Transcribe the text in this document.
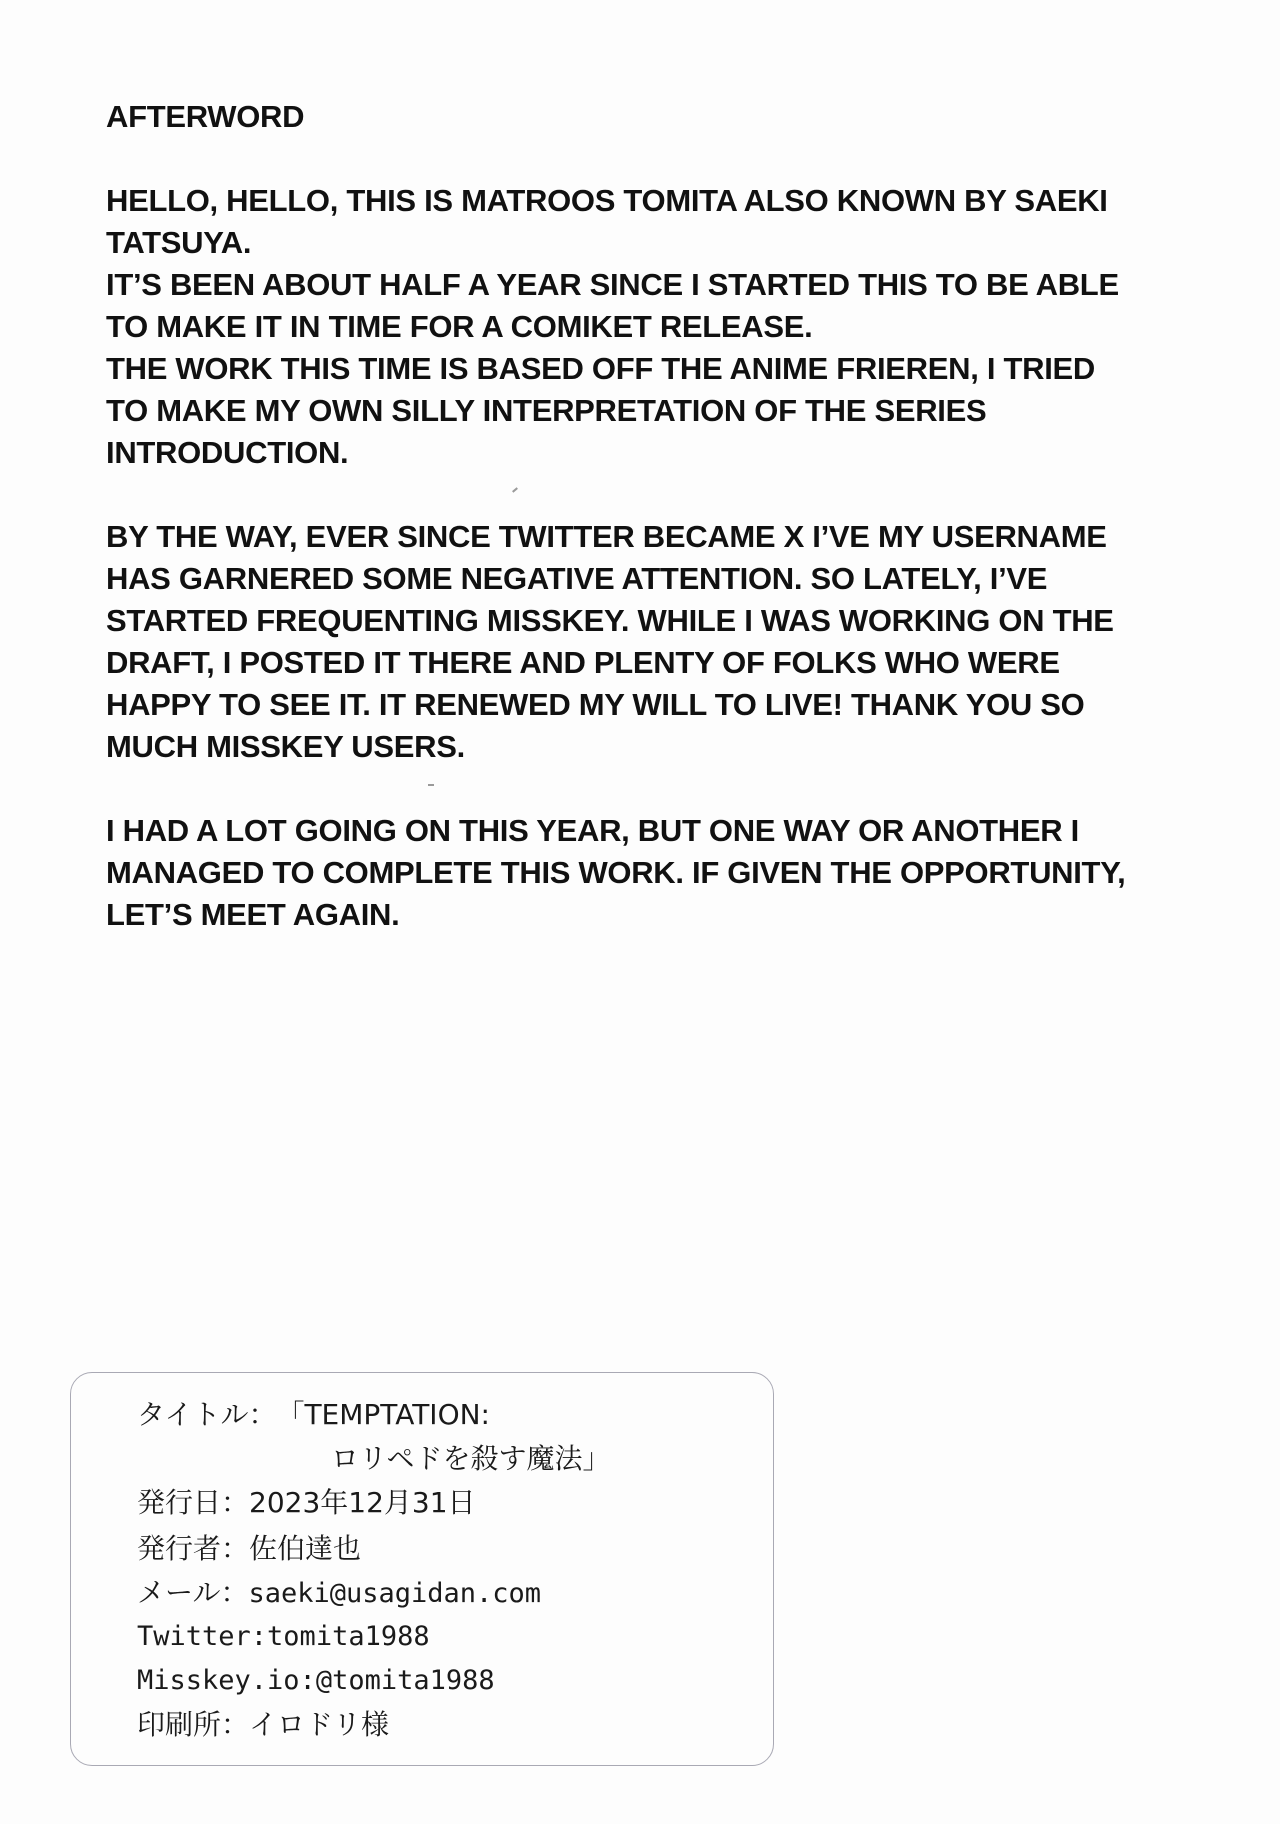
AFTERWORD
HELLO, HELLO, THIS IS MATROOS TOMITA ALSO KNOWN BY SAEKI
TATSUYA.
IT’S BEEN ABOUT HALF A YEAR SINCE I STARTED THIS TO BE ABLE
TO MAKE IT IN TIME FOR A COMIKET RELEASE.
THE WORK THIS TIME IS BASED OFF THE ANIME FRIEREN, I TRIED
TO MAKE MY OWN SILLY INTERPRETATION OF THE SERIES
INTRODUCTION.
BY THE WAY, EVER SINCE TWITTER BECAME X I’VE MY USERNAME
HAS GARNERED SOME NEGATIVE ATTENTION. SO LATELY, I’VE
STARTED FREQUENTING MISSKEY. WHILE I WAS WORKING ON THE
DRAFT, I POSTED IT THERE AND PLENTY OF FOLKS WHO WERE
HAPPY TO SEE IT. IT RENEWED MY WILL TO LIVE! THANK YOU SO
MUCH MISSKEY USERS.
I HAD A LOT GOING ON THIS YEAR, BUT ONE WAY OR ANOTHER I
MANAGED TO COMPLETE THIS WORK. IF GIVEN THE OPPORTUNITY,
LET’S MEET AGAIN.
タイトル：「TEMPTATION:
ロリペドを殺す魔法」
発行日：2023年12月31日
発行者：佐伯達也
メール：saeki@usagidan.com
Twitter:tomita1988
Misskey.io:@tomita1988
印刷所：イロドリ様
